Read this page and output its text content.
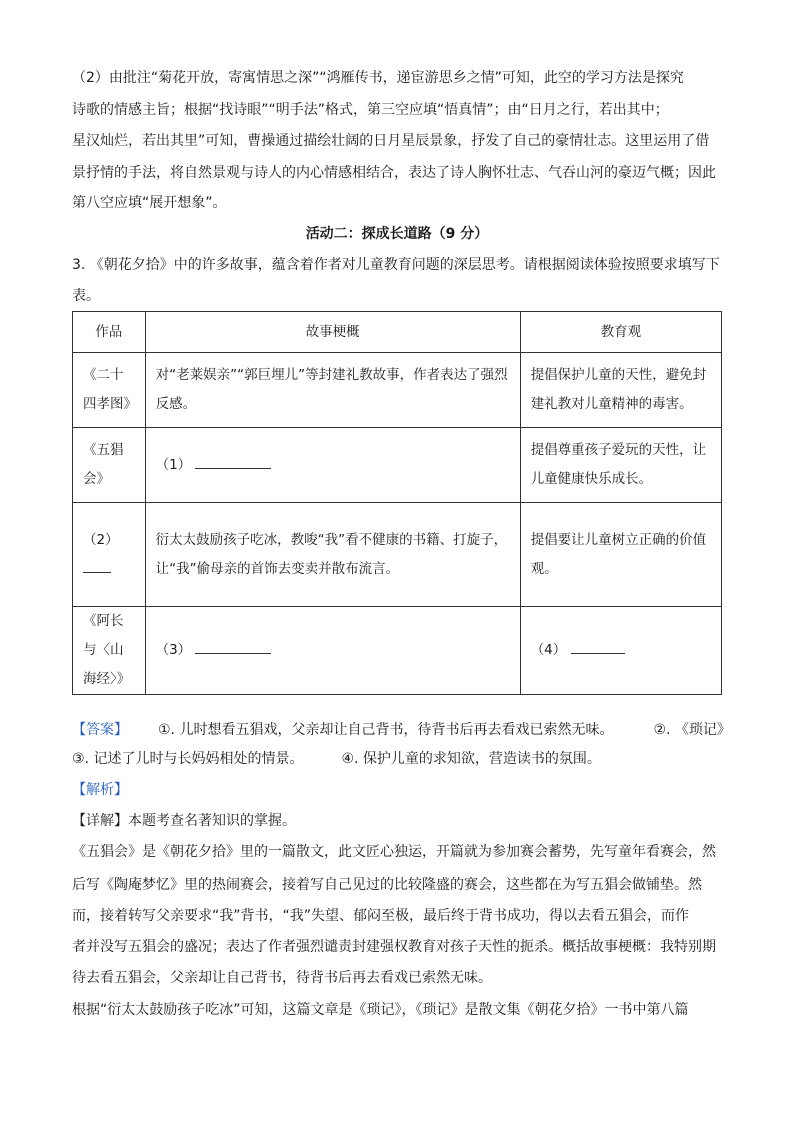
（2）由批注“菊花开放，寄寓情思之深”“鸿雁传书，递宦游思乡之情”可知，此空的学习方法是探究
诗歌的情感主旨；根据“找诗眼”“明手法”格式，第三空应填“悟真情”；由“日月之行，若出其中；
星汉灿烂，若出其里”可知，曹操通过描绘壮阔的日月星辰景象，抒发了自己的豪情壮志。这里运用了借
景抒情的手法，将自然景观与诗人的内心情感相结合，表达了诗人胸怀壮志、气吞山河的豪迈气概；因此
第八空应填“展开想象”。
活动二：探成长道路（9 分）
3. 《朝花夕拾》中的许多故事，蕴含着作者对儿童教育问题的深层思考。请根据阅读体验按照要求填写下
表。
作品	故事梗概	教育观
《二十四孝图》	对“老莱娱亲”“郭巨埋儿”等封建礼教故事，作者表达了强烈反感。	提倡保护儿童的天性，避免封建礼教对儿童精神的毒害。
《五猖会》	（1）	提倡尊重孩子爱玩的天性，让儿童健康快乐成长。
（2）	衍太太鼓励孩子吃冰，教唆“我”看不健康的书籍、打旋子，让“我”偷母亲的首饰去变卖并散布流言。	提倡要让儿童树立正确的价值观。
《阿长与〈山海经〉》	（3）	（4）
【答案】 ①. 儿时想看五猖戏，父亲却让自己背书，待背书后再去看戏已索然无味。	②. 《琐记》
③. 记述了儿时与长妈妈相处的情景。	④. 保护儿童的求知欲，营造读书的氛围。
【解析】
【详解】本题考查名著知识的掌握。
《五猖会》是《朝花夕拾》里的一篇散文，此文匠心独运，开篇就为参加赛会蓄势，先写童年看赛会，然
后写《陶庵梦忆》里的热闹赛会，接着写自己见过的比较隆盛的赛会，这些都在为写五猖会做铺垫。然
而，接着转写父亲要求“我”背书，“我”失望、郁闷至极，最后终于背书成功，得以去看五猖会，而作
者并没写五猖会的盛况；表达了作者强烈谴责封建强权教育对孩子天性的扼杀。概括故事梗概：我特别期
待去看五猖会，父亲却让自己背书，待背书后再去看戏已索然无味。
根据“衍太太鼓励孩子吃冰”可知，这篇文章是《琐记》，《琐记》是散文集《朝花夕拾》一书中第八篇
